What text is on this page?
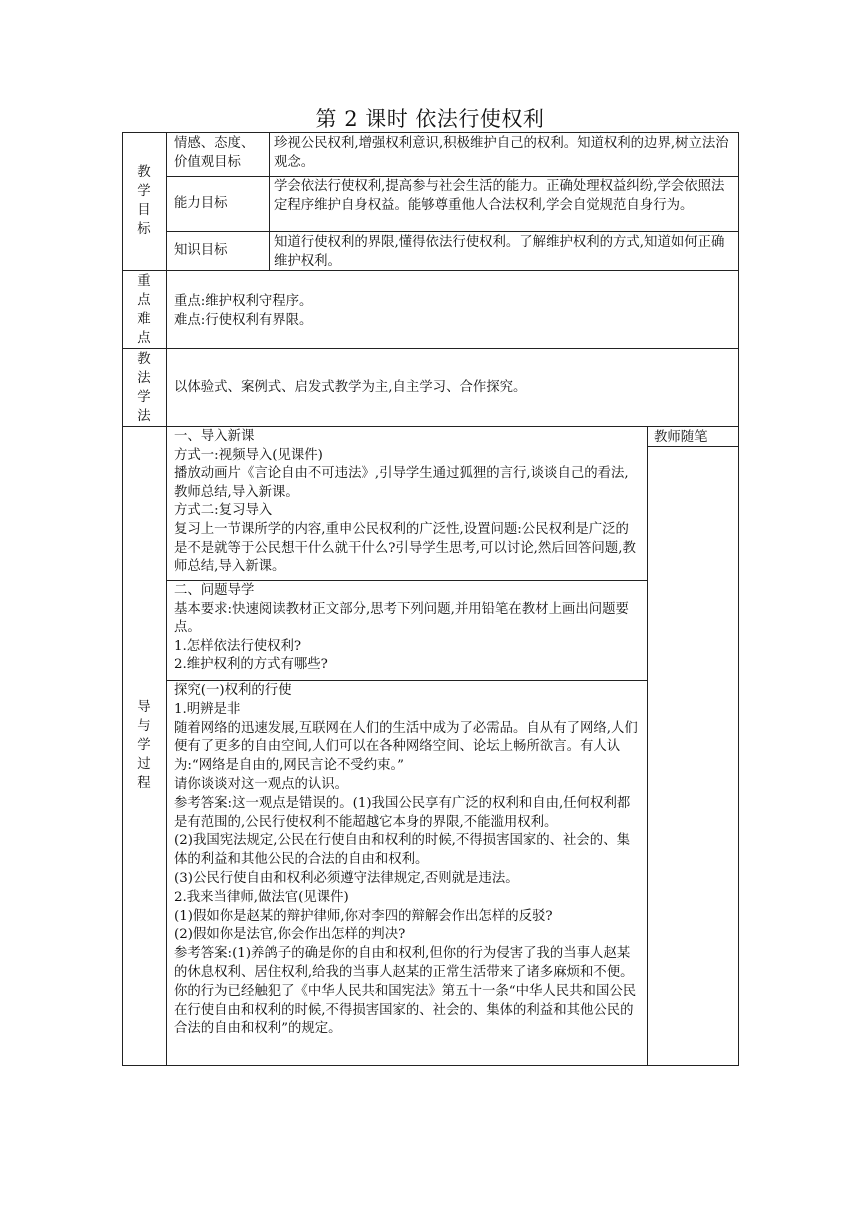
第 2 课时 依法行使权利
教学目标
情感、态度、价值观目标
珍视公民权利,增强权利意识,积极维护自己的权利。知道权利的边界,树立法治观念。
能力目标
学会依法行使权利,提高参与社会生活的能力。正确处理权益纠纷,学会依照法定程序维护自身权益。能够尊重他人合法权利,学会自觉规范自身行为。
知识目标
知道行使权利的界限,懂得依法行使权利。了解维护权利的方式,知道如何正确维护权利。
重点难点
重点:维护权利守程序。
难点:行使权利有界限。
教法学法
以体验式、案例式、启发式教学为主,自主学习、合作探究。
导与学过程
教师随笔

一、导入新课

方式一:视频导入(见课件)

播放动画片《言论自由不可违法》,引导学生通过狐狸的言行,谈谈自己的看法,教师总结,导入新课。

方式二:复习导入

复习上一节课所学的内容,重申公民权利的广泛性,设置问题:公民权利是广泛的是不是就等于公民想干什么就干什么?引导学生思考,可以讨论,然后回答问题,教师总结,导入新课。

二、问题导学

基本要求:快速阅读教材正文部分,思考下列问题,并用铅笔在教材上画出问题要点。

1.怎样依法行使权利?

2.维护权利的方式有哪些?

探究(一)权利的行使

1.明辨是非

随着网络的迅速发展,互联网在人们的生活中成为了必需品。自从有了网络,人们便有了更多的自由空间,人们可以在各种网络空间、论坛上畅所欲言。有人认为:“网络是自由的,网民言论不受约束。”

请你谈谈对这一观点的认识。

参考答案:这一观点是错误的。(1)我国公民享有广泛的权利和自由,任何权利都是有范围的,公民行使权利不能超越它本身的界限,不能滥用权利。

(2)我国宪法规定,公民在行使自由和权利的时候,不得损害国家的、社会的、集体的利益和其他公民的合法的自由和权利。

(3)公民行使自由和权利必须遵守法律规定,否则就是违法。

2.我来当律师,做法官(见课件)

(1)假如你是赵某的辩护律师,你对李四的辩解会作出怎样的反驳?

(2)假如你是法官,你会作出怎样的判决?

参考答案:(1)养鸽子的确是你的自由和权利,但你的行为侵害了我的当事人赵某的休息权利、居住权利,给我的当事人赵某的正常生活带来了诸多麻烦和不便。你的行为已经触犯了《中华人民共和国宪法》第五十一条“中华人民共和国公民在行使自由和权利的时候,不得损害国家的、社会的、集体的利益和其他公民的合法的自由和权利”的规定。
